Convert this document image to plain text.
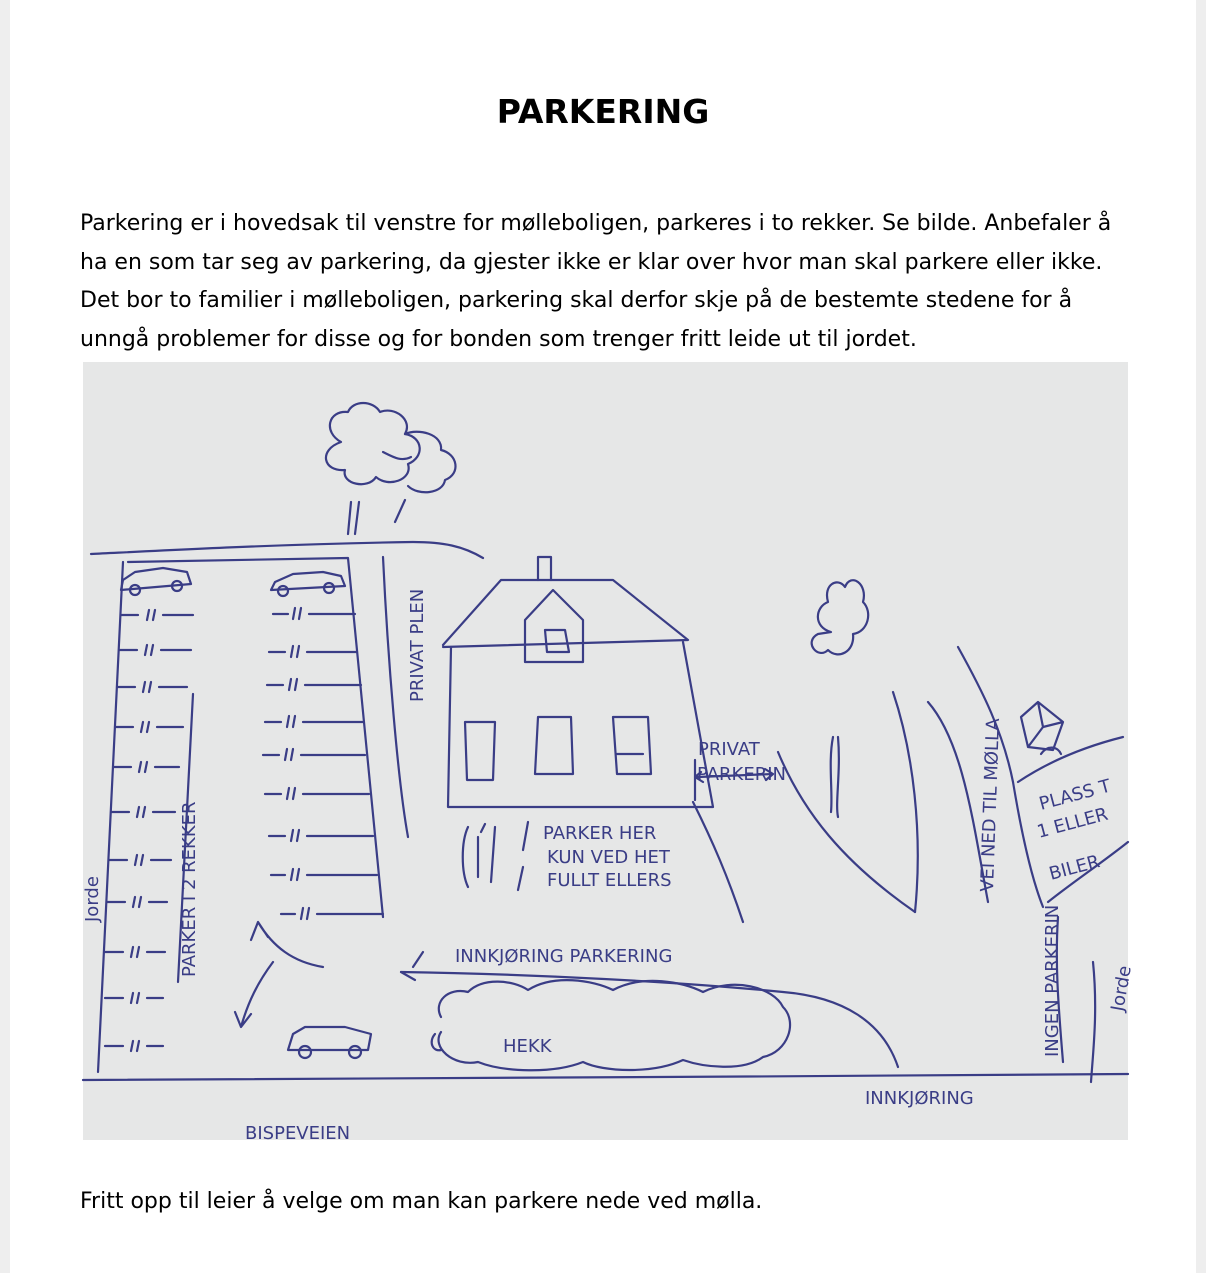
PARKERING

Parkering er i hovedsak til venstre for mølleboligen, parkeres i to rekker. Se bilde. Anbefaler å ha en som tar seg av parkering, da gjester ikke er klar over hvor man skal parkere eller ikke. Det bor to familier i mølleboligen, parkering skal derfor skje på de bestemte stedene for å unngå problemer for disse og for bonden som trenger fritt leide ut til jordet.

PRIVAT PLEN
PARKER I 2 REKKER
Jorde
PRIVAT
PARKERIN
PARKER HER
KUN VED HET
FULLT ELLERS
INNKJØRING PARKERING
HEKK
VEI NED TIL MØLLA PLASS T
1 ELLER
BILER
INGEN PARKERIN Jorde
INNKJØRING
BISPEVEIEN

Fritt opp til leier å velge om man kan parkere nede ved mølla.
